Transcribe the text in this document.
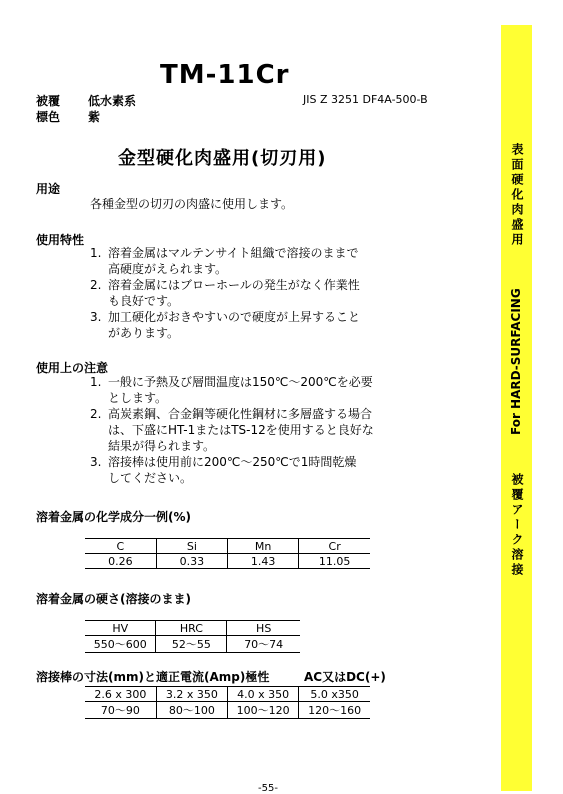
TM-11Cr
被覆 低水素系
標色 紫
JIS Z 3251 DF4A-500-B
金型硬化肉盛用(切刃用)
用途
各種金型の切刃の肉盛に使用します。
使用特性
1. 溶着金属はマルテンサイト組織で溶接のままで
高硬度がえられます。
2. 溶着金属にはブローホールの発生がなく作業性
も良好です。
3. 加工硬化がおきやすいので硬度が上昇すること
があります。
使用上の注意
1. 一般に予熱及び層間温度は150℃～200℃を必要
とします。
2. 高炭素鋼、合金鋼等硬化性鋼材に多層盛する場合
は、下盛にHT-1またはTS-12を使用すると良好な
結果が得られます。
3. 溶接棒は使用前に200℃～250℃で1時間乾燥
してください。
溶着金属の化学成分一例(%)
C	Si	Mn	Cr
0.26	0.33	1.43	11.05
溶着金属の硬さ(溶接のまま)
HV	HRC	HS
550～600	52～55	70～74
溶接棒の寸法(mm)と適正電流(Amp)極性	AC又はDC(+)
2.6 x 300	3.2 x 350	4.0 x 350	5.0 x350
70～90	80～100	100～120	120～160
表面硬化肉盛用
For HARD-SURFACING
被覆アーク溶接
-55-
